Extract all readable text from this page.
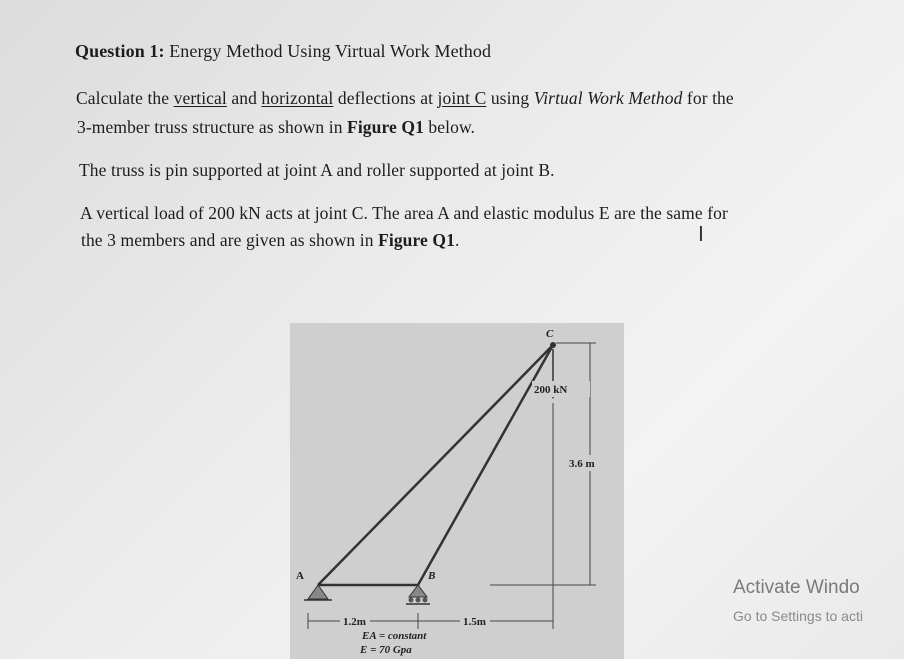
Question 1: Energy Method Using Virtual Work Method
Calculate the vertical and horizontal deflections at joint C using Virtual Work Method for the
3-member truss structure as shown in Figure Q1 below.
The truss is pin supported at joint A and roller supported at joint B.
A vertical load of 200 kN acts at joint C. The area A and elastic modulus E are the same for
the 3 members and are given as shown in Figure Q1.	I
A	B
C
200 kN
3.6 m
1.2m	1.5m
EA = constant
E = 70 Gpa
Activate Windo
Go to Settings to acti
